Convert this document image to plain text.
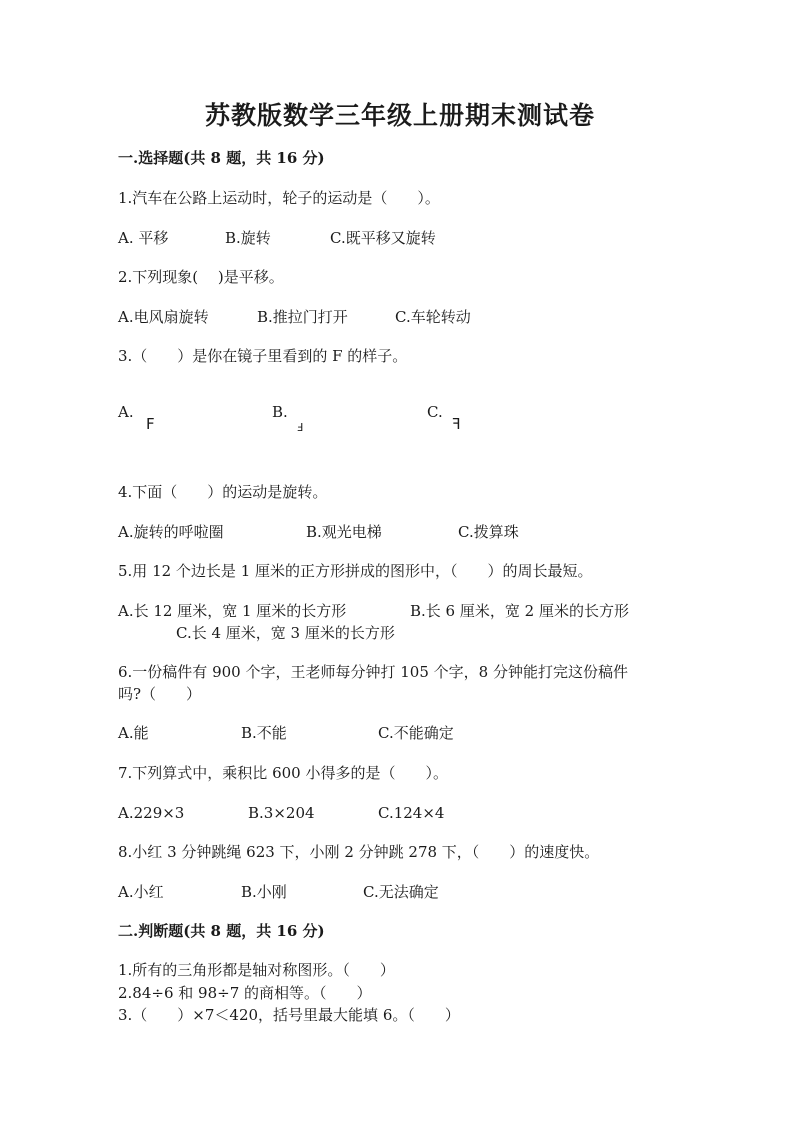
苏教版数学三年级上册期末测试卷
一.选择题(共 8 题，共 16 分)
1.汽车在公路上运动时，轮子的运动是（　　）。
A. 平移	B.旋转	C.既平移又旋转
2.下列现象(　 )是平移。
A.电风扇旋转	B.推拉门打开	C.车轮转动
3.（　　）是你在镜子里看到的 F 的样子。
A.
F
B.
F
C.
F
4.下面（　　）的运动是旋转。
A.旋转的呼啦圈	B.观光电梯	C.拨算珠
5.用 12 个边长是 1 厘米的正方形拼成的图形中，（　　）的周长最短。
A.长 12 厘米，宽 1 厘米的长方形	B.长 6 厘米，宽 2 厘米的长方形
C.长 4 厘米，宽 3 厘米的长方形
6.一份稿件有 900 个字，王老师每分钟打 105 个字，8 分钟能打完这份稿件
吗?（　　）
A.能	B.不能	C.不能确定
7.下列算式中，乘积比 600 小得多的是（　　）。
A.229×3	B.3×204	C.124×4
8.小红 3 分钟跳绳 623 下，小刚 2 分钟跳 278 下，（　　）的速度快。
A.小红	B.小刚	C.无法确定
二.判断题(共 8 题，共 16 分)
1.所有的三角形都是轴对称图形。（　　）
2.84÷6 和 98÷7 的商相等。（　　）
3.（　　）×7＜420，括号里最大能填 6。（　　）
